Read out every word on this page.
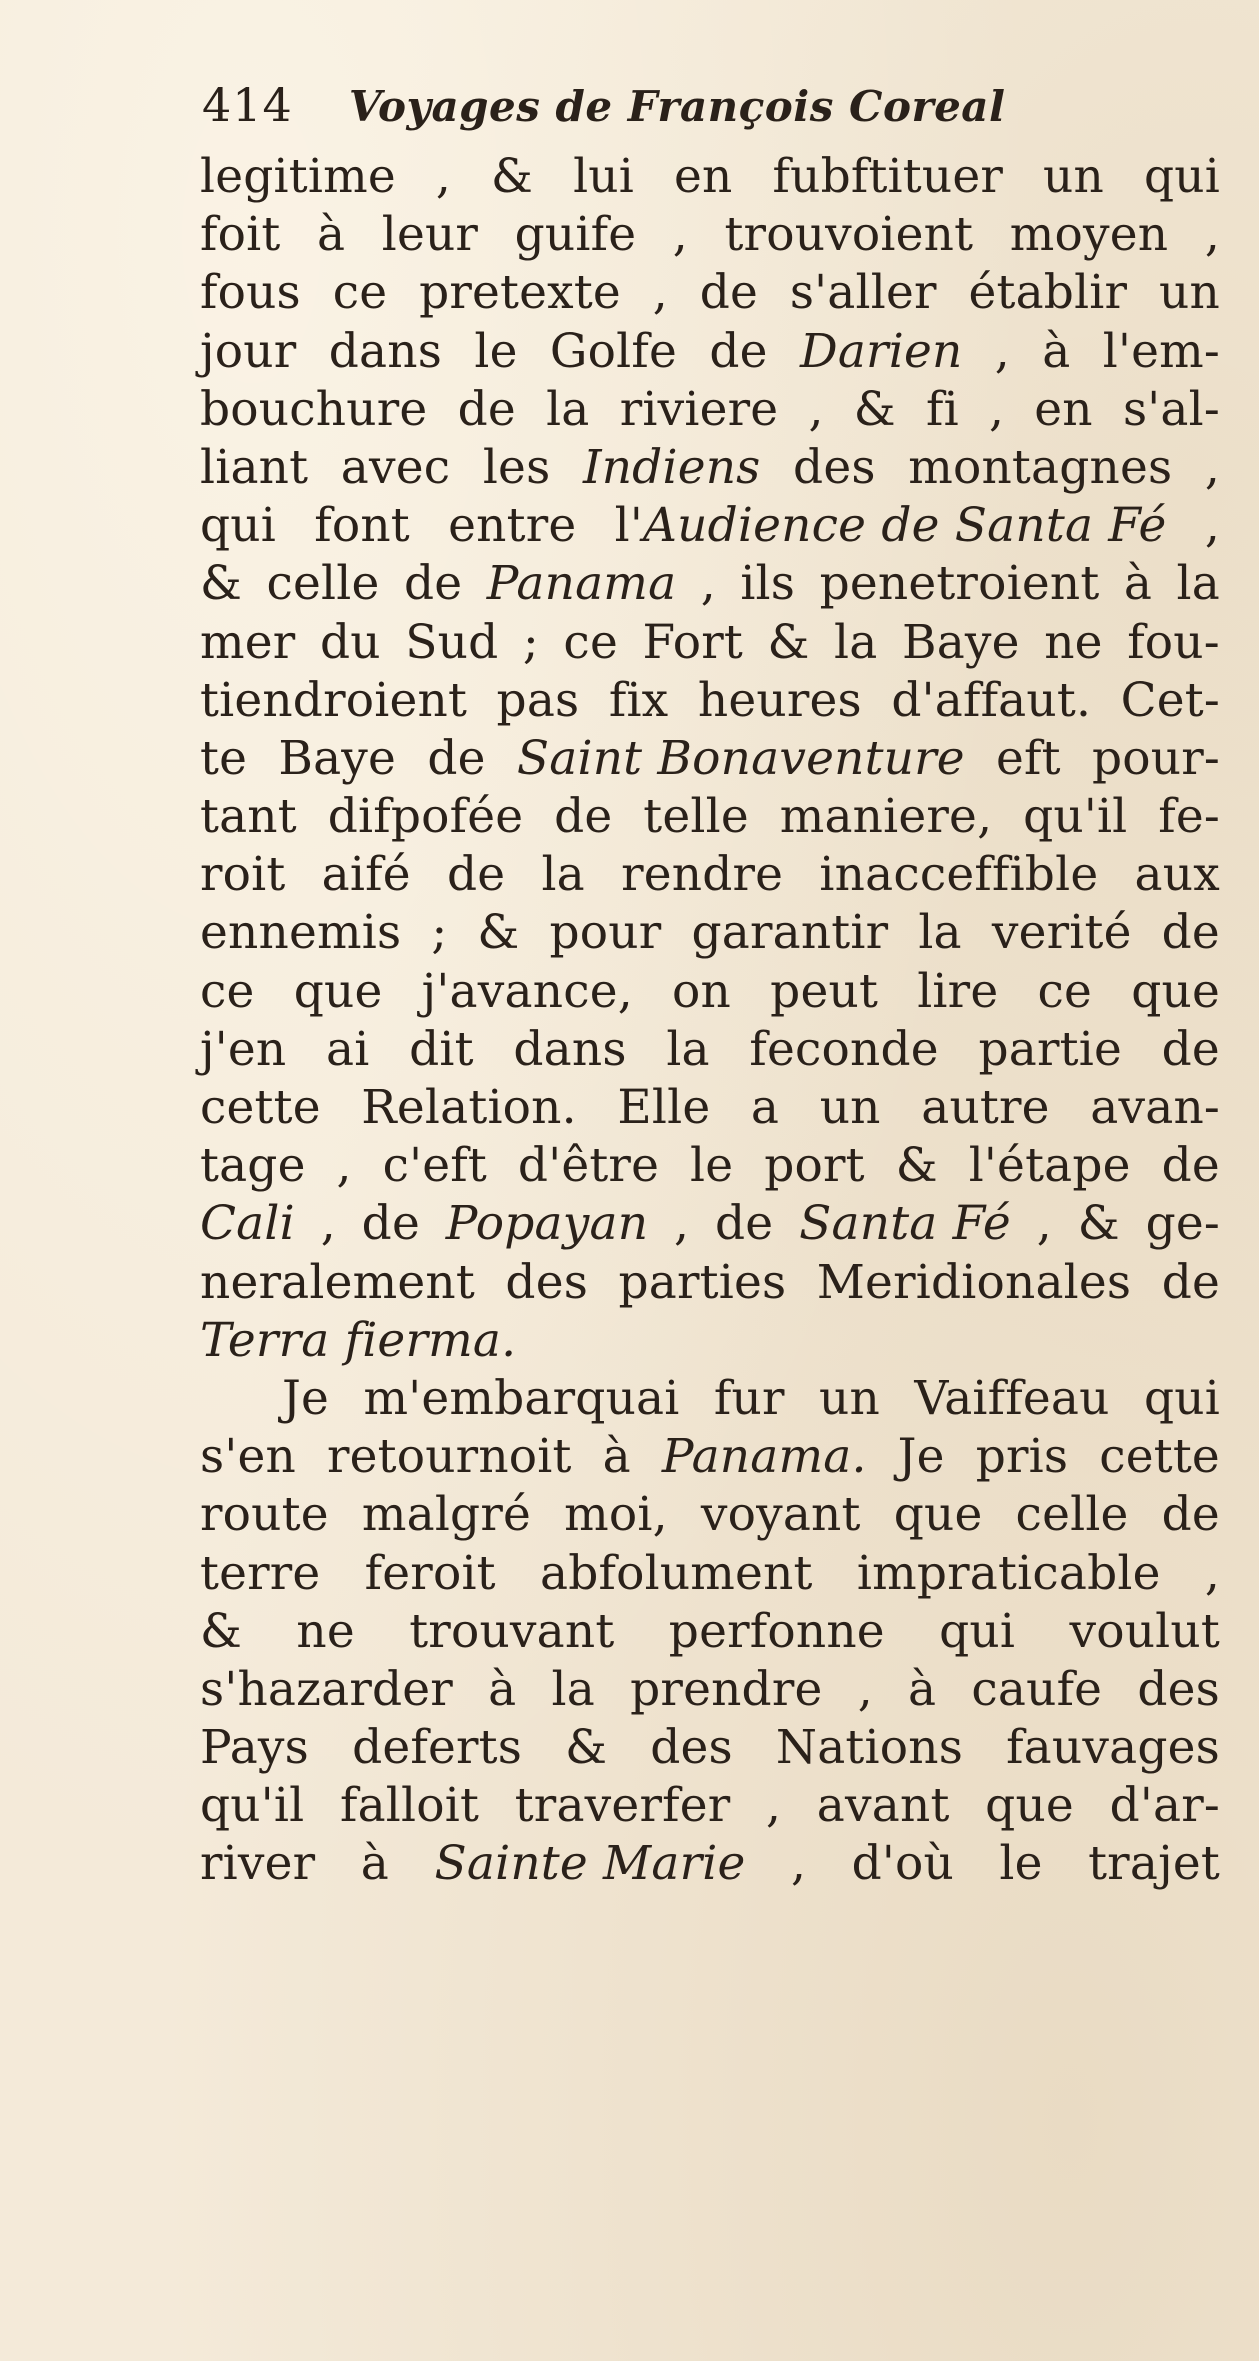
414 Voyages de François Coreal
legitime , & lui en fubftituer un qui
foit à leur guife , trouvoient moyen ,
fous ce pretexte , de s'aller établir un
jour dans le Golfe de Darien , à l'em-
bouchure de la riviere , & fi , en s'al-
liant avec les Indiens des montagnes ,
qui font entre l'Audience de Santa Fé ,
& celle de Panama , ils penetroient à la
mer du Sud ; ce Fort & la Baye ne fou-
tiendroient pas fix heures d'affaut. Cet-
te Baye de Saint Bonaventure eft pour-
tant difpofée de telle maniere, qu'il fe-
roit aifé de la rendre inacceffible aux
ennemis ; & pour garantir la verité de
ce que j'avance, on peut lire ce que
j'en ai dit dans la feconde partie de
cette Relation. Elle a un autre avan-
tage , c'eft d'être le port & l'étape de
Cali , de Popayan , de Santa Fé , & ge-
neralement des parties Meridionales de
Terra fierma.
Je m'embarquai fur un Vaiffeau qui
s'en retournoit à Panama. Je pris cette
route malgré moi, voyant que celle de
terre feroit abfolument impraticable ,
& ne trouvant perfonne qui voulut
s'hazarder à la prendre , à caufe des
Pays deferts & des Nations fauvages
qu'il falloit traverfer , avant que d'ar-
river à Sainte Marie , d'où le trajet
